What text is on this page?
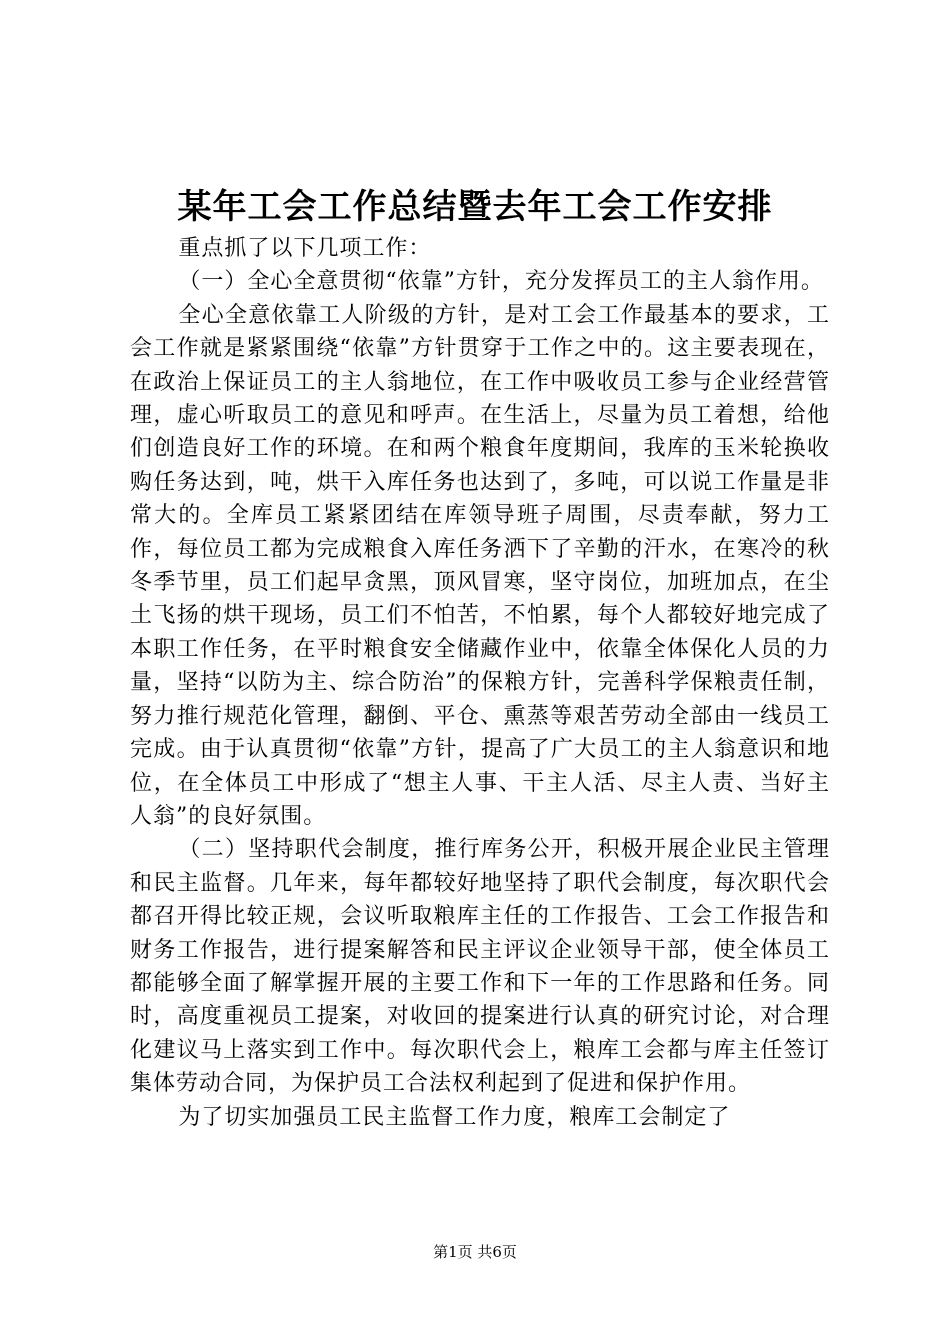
某年工会工作总结暨去年工会工作安排

重点抓了以下几项工作：

（一）全心全意贯彻“依靠”方针，充分发挥员工的主人翁作用。

全心全意依靠工人阶级的方针，是对工会工作最基本的要求，工会工作就是紧紧围绕“依靠”方针贯穿于工作之中的。这主要表现在，在政治上保证员工的主人翁地位，在工作中吸收员工参与企业经营管理，虚心听取员工的意见和呼声。在生活上，尽量为员工着想，给他们创造良好工作的环境。在和两个粮食年度期间，我库的玉米轮换收购任务达到，吨，烘干入库任务也达到了，多吨，可以说工作量是非常大的。全库员工紧紧团结在库领导班子周围，尽责奉献，努力工作，每位员工都为完成粮食入库任务洒下了辛勤的汗水，在寒冷的秋冬季节里，员工们起早贪黑，顶风冒寒，坚守岗位，加班加点，在尘土飞扬的烘干现场，员工们不怕苦，不怕累，每个人都较好地完成了本职工作任务，在平时粮食安全储藏作业中，依靠全体保化人员的力量，坚持“以防为主、综合防治”的保粮方针，完善科学保粮责任制，努力推行规范化管理，翻倒、平仓、熏蒸等艰苦劳动全部由一线员工完成。由于认真贯彻“依靠”方针，提高了广大员工的主人翁意识和地位，在全体员工中形成了“想主人事、干主人活、尽主人责、当好主人翁”的良好氛围。

（二）坚持职代会制度，推行库务公开，积极开展企业民主管理和民主监督。几年来，每年都较好地坚持了职代会制度，每次职代会都召开得比较正规，会议听取粮库主任的工作报告、工会工作报告和财务工作报告，进行提案解答和民主评议企业领导干部，使全体员工都能够全面了解掌握开展的主要工作和下一年的工作思路和任务。同时，高度重视员工提案，对收回的提案进行认真的研究讨论，对合理化建议马上落实到工作中。每次职代会上，粮库工会都与库主任签订集体劳动合同，为保护员工合法权利起到了促进和保护作用。

为了切实加强员工民主监督工作力度，粮库工会制定了

第1页 共6页
